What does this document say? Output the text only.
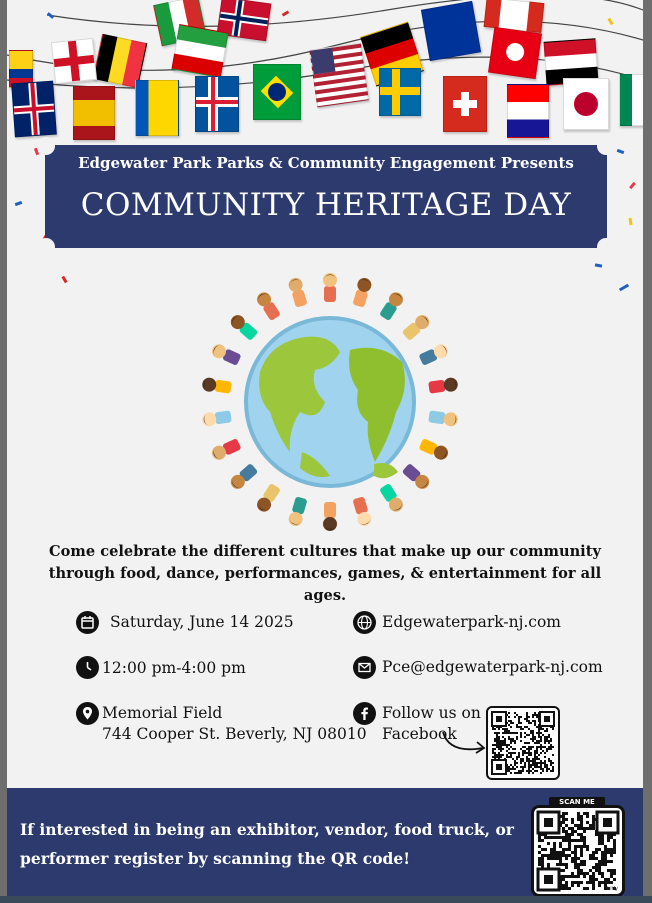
Edgewater Park Parks & Community Engagement Presents
COMMUNITY HERITAGE DAY
Come celebrate the different cultures that make up our community
through food, dance, performances, games, & entertainment for all ages.
Saturday, June 14 2025
12:00 pm-4:00 pm
Memorial Field
744 Cooper St. Beverly, NJ 08010
Edgewaterpark-nj.com
Pce@edgewaterpark-nj.com
Follow us on
Facebook
If interested in being an exhibitor, vendor, food truck, or
performer register by scanning the QR code!
bitly
SCAN ME
